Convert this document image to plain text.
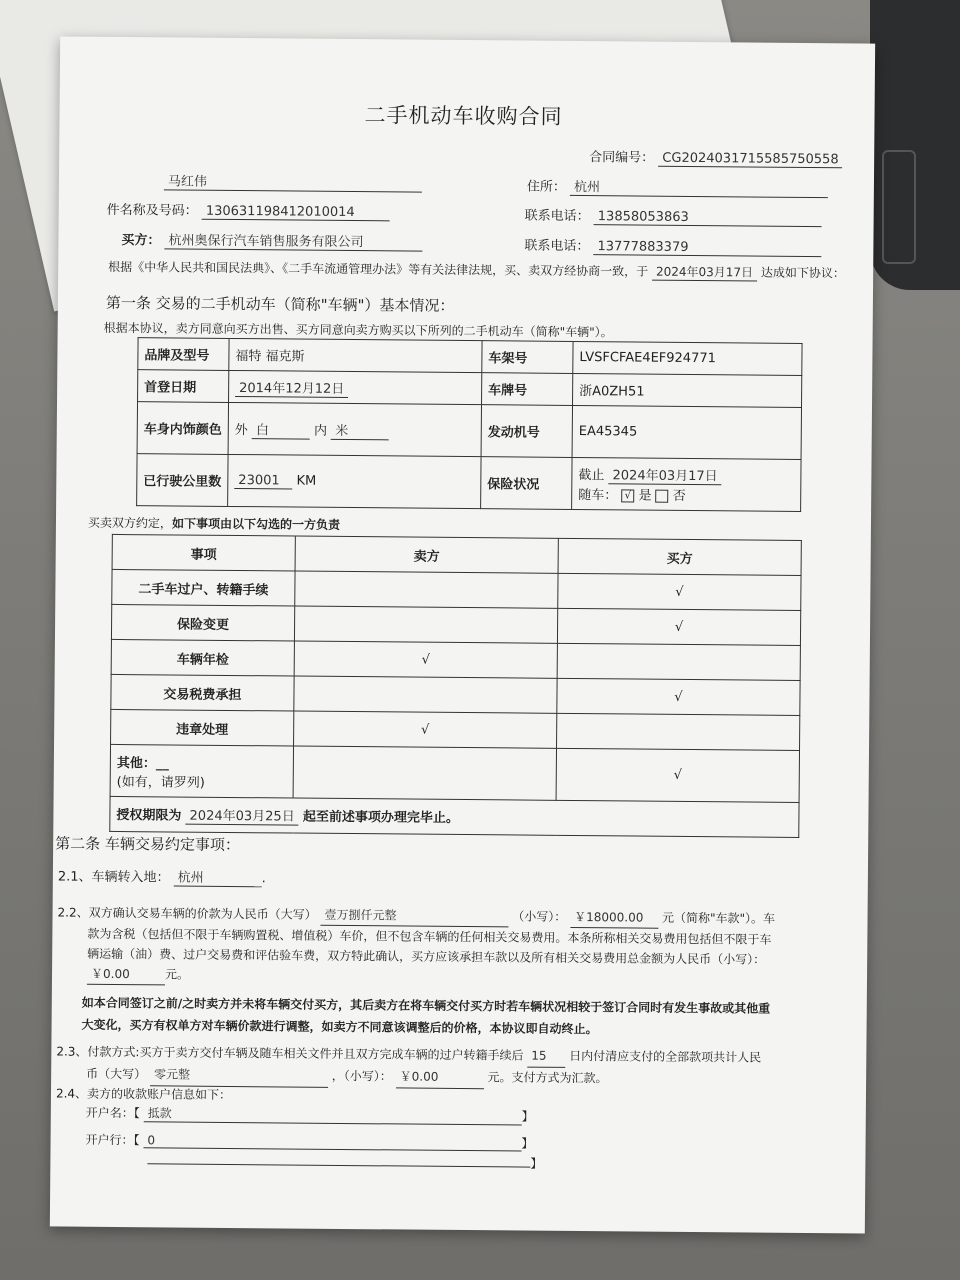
二手机动车收购合同
合同编号： CG2024031715585750558
马红伟	住所： 杭州
件名称及号码： 130631198412010014	联系电话： 13858053863
买方： 杭州奥保行汽车销售服务有限公司	联系电话： 13777883379
根据《中华人民共和国民法典》、《二手车流通管理办法》等有关法律法规，买、卖双方经协商一致，于 2024年03月17日 达成如下协议：
第一条 交易的二手机动车（简称"车辆"）基本情况：
根据本协议，卖方同意向买方出售、买方同意向卖方购买以下所列的二手机动车（简称"车辆"）。
品牌及型号	福特 福克斯	车架号	LVSFCFAE4EF924771
首登日期	2014年12月12日	车牌号	浙A0ZH51
车身内饰颜色	外 白 内 米	发动机号	EA45345
已行驶公里数	23001 KM	保险状况	截止 2024年03月17日
随车： √ 是 否
买卖双方约定，如下事项由以下勾选的一方负责
事项	卖方	买方
二手车过户、转籍手续		√
保险变更		√
车辆年检	√	
交易税费承担		√
违章处理	√	

其他：__
(如有，请罗列)		√
授权期限为 2024年03月25日 起至前述事项办理完毕止。		
第二条 车辆交易约定事项：
2.1、车辆转入地： 杭州	.
2.2、双方确认交易车辆的价款为人民币（大写） 壹万捌仟元整	（小写）： ￥18000.00 元（简称"车款"）。车
款为含税（包括但不限于车辆购置税、增值税）车价，但不包含车辆的任何相关交易费用。本条所称相关交易费用包括但不限于车
辆运输（油）费、过户交易费和评估验车费，双方特此确认，买方应该承担车款以及所有相关交易费用总金额为人民币（小写）：
￥0.00	元。
如本合同签订之前/之时卖方并未将车辆交付买方，其后卖方在将车辆交付买方时若车辆状况相较于签订合同时有发生事故或其他重
大变化，买方有权单方对车辆价款进行调整，如卖方不同意该调整后的价格，本协议即自动终止。
2.3、付款方式:买方于卖方交付车辆及随车相关文件并且双方完成车辆的过户转籍手续后 15 日内付清应支付的全部款项共计人民
币（大写） 零元整	，（小写）： ￥0.00	元。支付方式为汇款。
2.4、卖方的收款账户信息如下：
开户名：【 抵款	】
开户行：【 0	】
】
